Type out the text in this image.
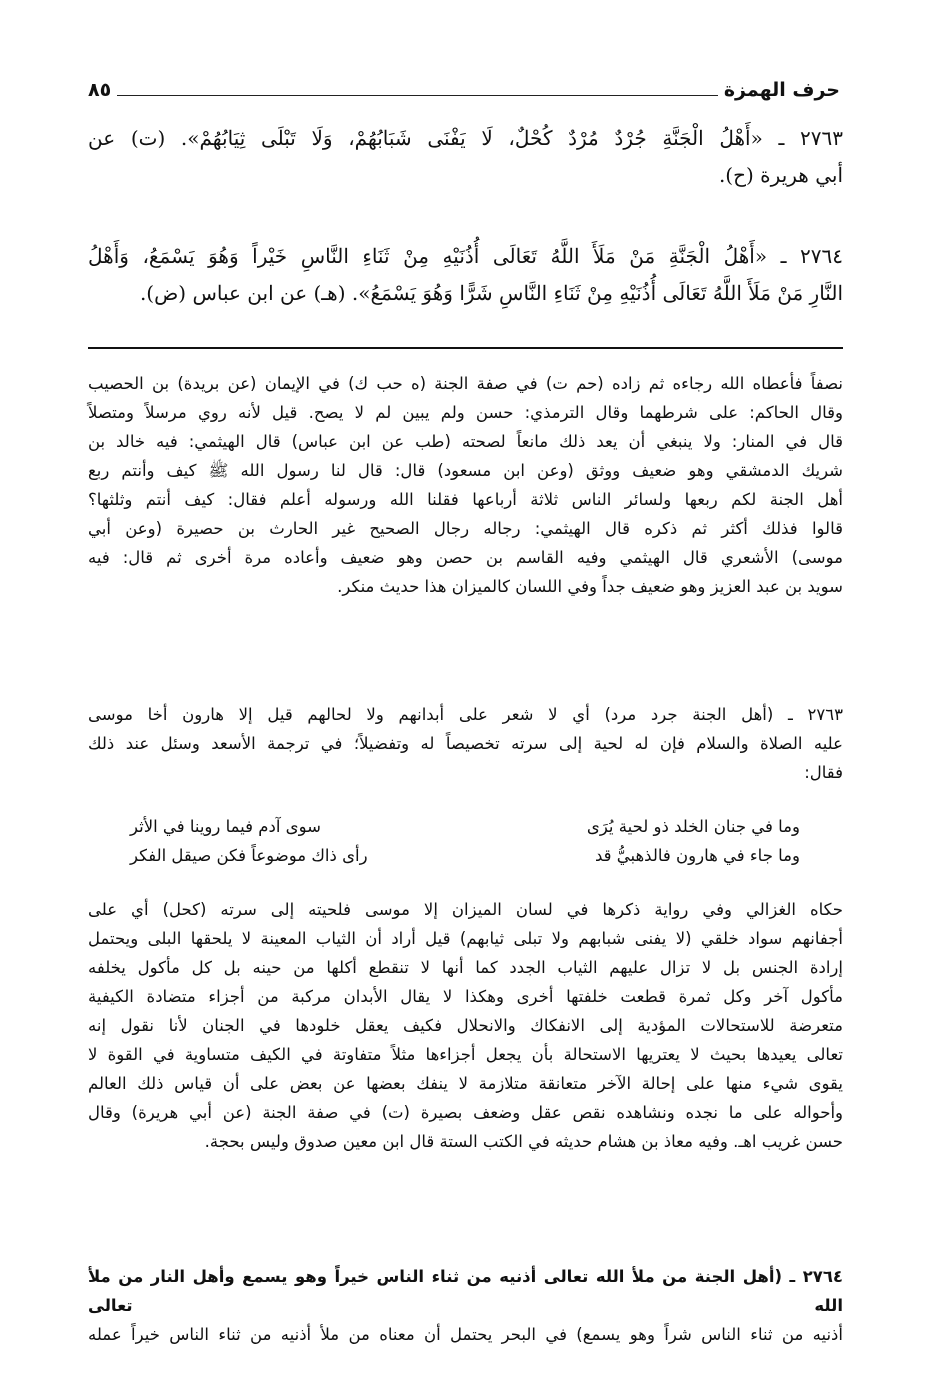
حرف الهمزة
٨٥

٢٧٦٣ ـ «أَهْلُ الْجَنَّةِ جُرْدٌ مُرْدٌ كُحْلٌ، لَا يَفْنَى شَبَابُهُمْ، وَلَا تَبْلَى ثِيَابُهُمْ». (ت) عن

أبي هريرة (ح).

٢٧٦٤ ـ «أَهْلُ الْجَنَّةِ مَنْ مَلَأَ اللَّهُ تَعَالَى أُذُنَيْهِ مِنْ ثَنَاءِ النَّاسِ خَيْراً وَهُوَ يَسْمَعُ، وَأَهْلُ

النَّارِ مَنْ مَلَأَ اللَّهُ تَعَالَى أُذُنَيْهِ مِنْ ثَنَاءِ النَّاسِ شَرًّا وَهُوَ يَسْمَعُ». (هـ) عن ابن عباس (ض).

نصفاً فأعطاه الله رجاءه ثم زاده (حم ت) في صفة الجنة (ه حب ك) في الإيمان (عن بريدة) بن الحصيب

وقال الحاكم: على شرطهما وقال الترمذي: حسن ولم يبين لم لا يصح. قيل لأنه روي مرسلاً ومتصلاً

قال في المنار: ولا ينبغي أن يعد ذلك مانعاً لصحته (طب عن ابن عباس) قال الهيثمي: فيه خالد بن

شريك الدمشقي وهو ضعيف ووثق (وعن ابن مسعود) قال: قال لنا رسول الله ﷺ كيف وأنتم ربع

أهل الجنة لكم ربعها ولسائر الناس ثلاثة أرباعها فقلنا الله ورسوله أعلم فقال: كيف أنتم وثلثها؟

قالوا فذلك أكثر ثم ذكره قال الهيثمي: رجاله رجال الصحيح غير الحارث بن حصيرة (وعن أبي

موسى) الأشعري قال الهيثمي وفيه القاسم بن حصن وهو ضعيف وأعاده مرة أخرى ثم قال: فيه

سويد بن عبد العزيز وهو ضعيف جداً وفي اللسان كالميزان هذا حديث منكر.

٢٧٦٣ ـ (أهل الجنة جرد مرد) أي لا شعر على أبدانهم ولا لحالهم قيل إلا هارون أخا موسى

عليه الصلاة والسلام فإن له لحية إلى سرته تخصيصاً له وتفضيلاً؛ في ترجمة الأسعد وسئل عند ذلك

فقال:

وما في جنان الخلد ذو لحية يُرَى
سوى آدم فيما روينا في الأثر
وما جاء في هارون فالذهبيُّ قد
رأى ذاك موضوعاً فكن صيقل الفكر

حكاه الغزالي وفي رواية ذكرها في لسان الميزان إلا موسى فلحيته إلى سرته (كحل) أي على

أجفانهم سواد خلقي (لا يفنى شبابهم ولا تبلى ثيابهم) قيل أراد أن الثياب المعينة لا يلحقها البلى ويحتمل

إرادة الجنس بل لا تزال عليهم الثياب الجدد كما أنها لا تنقطع أكلها من حينه بل كل مأكول يخلفه

مأكول آخر وكل ثمرة قطعت خلفتها أخرى وهكذا لا يقال الأبدان مركبة من أجزاء متضادة الكيفية

متعرضة للاستحالات المؤدية إلى الانفكاك والانحلال فكيف يعقل خلودها في الجنان لأنا نقول إنه

تعالى يعيدها بحيث لا يعتريها الاستحالة بأن يجعل أجزاءها مثلاً متفاوتة في الكيف متساوية في القوة لا

يقوى شيء منها على إحالة الآخر متعانقة متلازمة لا ينفك بعضها عن بعض على أن قياس ذلك العالم

وأحواله على ما نجده ونشاهده نقص عقل وضعف بصيرة (ت) في صفة الجنة (عن أبي هريرة) وقال

حسن غريب اهـ. وفيه معاذ بن هشام حديثه في الكتب الستة قال ابن معين صدوق وليس بحجة.

٢٧٦٤ ـ (أهل الجنة من ملأ الله تعالى أذنيه من ثناء الناس خيراً وهو يسمع وأهل النار من ملأ الله تعالى

أذنيه من ثناء الناس شراً وهو يسمع) في البحر يحتمل أن معناه من ملأ أذنيه من ثناء الناس خيراً عمله
